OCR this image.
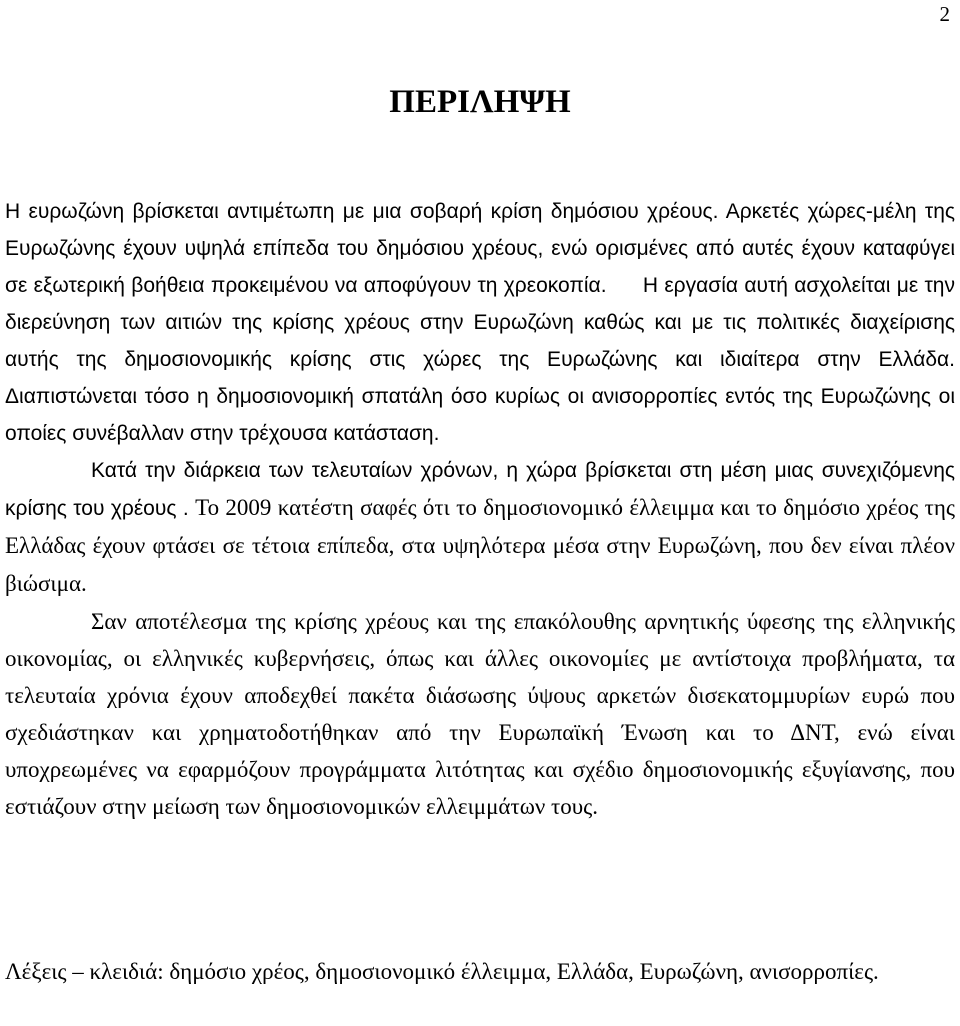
2
ΠΕΡΙΛΗΨΗ

Η ευρωζώνη βρίσκεται αντιμέτωπη με μια σοβαρή κρίση δημόσιου χρέους. Αρκετές χώρες-μέλη της Ευρωζώνης έχουν υψηλά επίπεδα του δημόσιου χρέους, ενώ ορισμένες από αυτές έχουν καταφύγει σε εξωτερική βοήθεια προκειμένου να αποφύγουν τη χρεοκοπία. Η εργασία αυτή ασχολείται με την διερεύνηση των αιτιών της κρίσης χρέους στην Ευρωζώνη καθώς και με τις πολιτικές διαχείρισης αυτής της δημοσιονομικής κρίσης στις χώρες της Ευρωζώνης και ιδιαίτερα στην Ελλάδα. Διαπιστώνεται τόσο η δημοσιονομική σπατάλη όσο κυρίως οι ανισορροπίες εντός της Ευρωζώνης οι οποίες συνέβαλλαν στην τρέχουσα κατάσταση.

Κατά την διάρκεια των τελευταίων χρόνων, η χώρα βρίσκεται στη μέση μιας συνεχιζόμενης κρίσης του χρέους . Το 2009 κατέστη σαφές ότι το δημοσιονομικό έλλειμμα και το δημόσιο χρέος της Ελλάδας έχουν φτάσει σε τέτοια επίπεδα, στα υψηλότερα μέσα στην Ευρωζώνη, που δεν είναι πλέον βιώσιμα.

Σαν αποτέλεσμα της κρίσης χρέους και της επακόλουθης αρνητικής ύφεσης της ελληνικής οικονομίας, οι ελληνικές κυβερνήσεις, όπως και άλλες οικονομίες με αντίστοιχα προβλήματα, τα τελευταία χρόνια έχουν αποδεχθεί πακέτα διάσωσης ύψους αρκετών δισεκατομμυρίων ευρώ που σχεδιάστηκαν και χρηματοδοτήθηκαν από την Ευρωπαϊκή Ένωση και το ΔΝΤ, ενώ είναι υποχρεωμένες να εφαρμόζουν προγράμματα λιτότητας και σχέδιο δημοσιονομικής εξυγίανσης, που εστιάζουν στην μείωση των δημοσιονομικών ελλειμμάτων τους.

Λέξεις – κλειδιά: δημόσιο χρέος, δημοσιονομικό έλλειμμα, Ελλάδα, Ευρωζώνη, ανισορροπίες.
